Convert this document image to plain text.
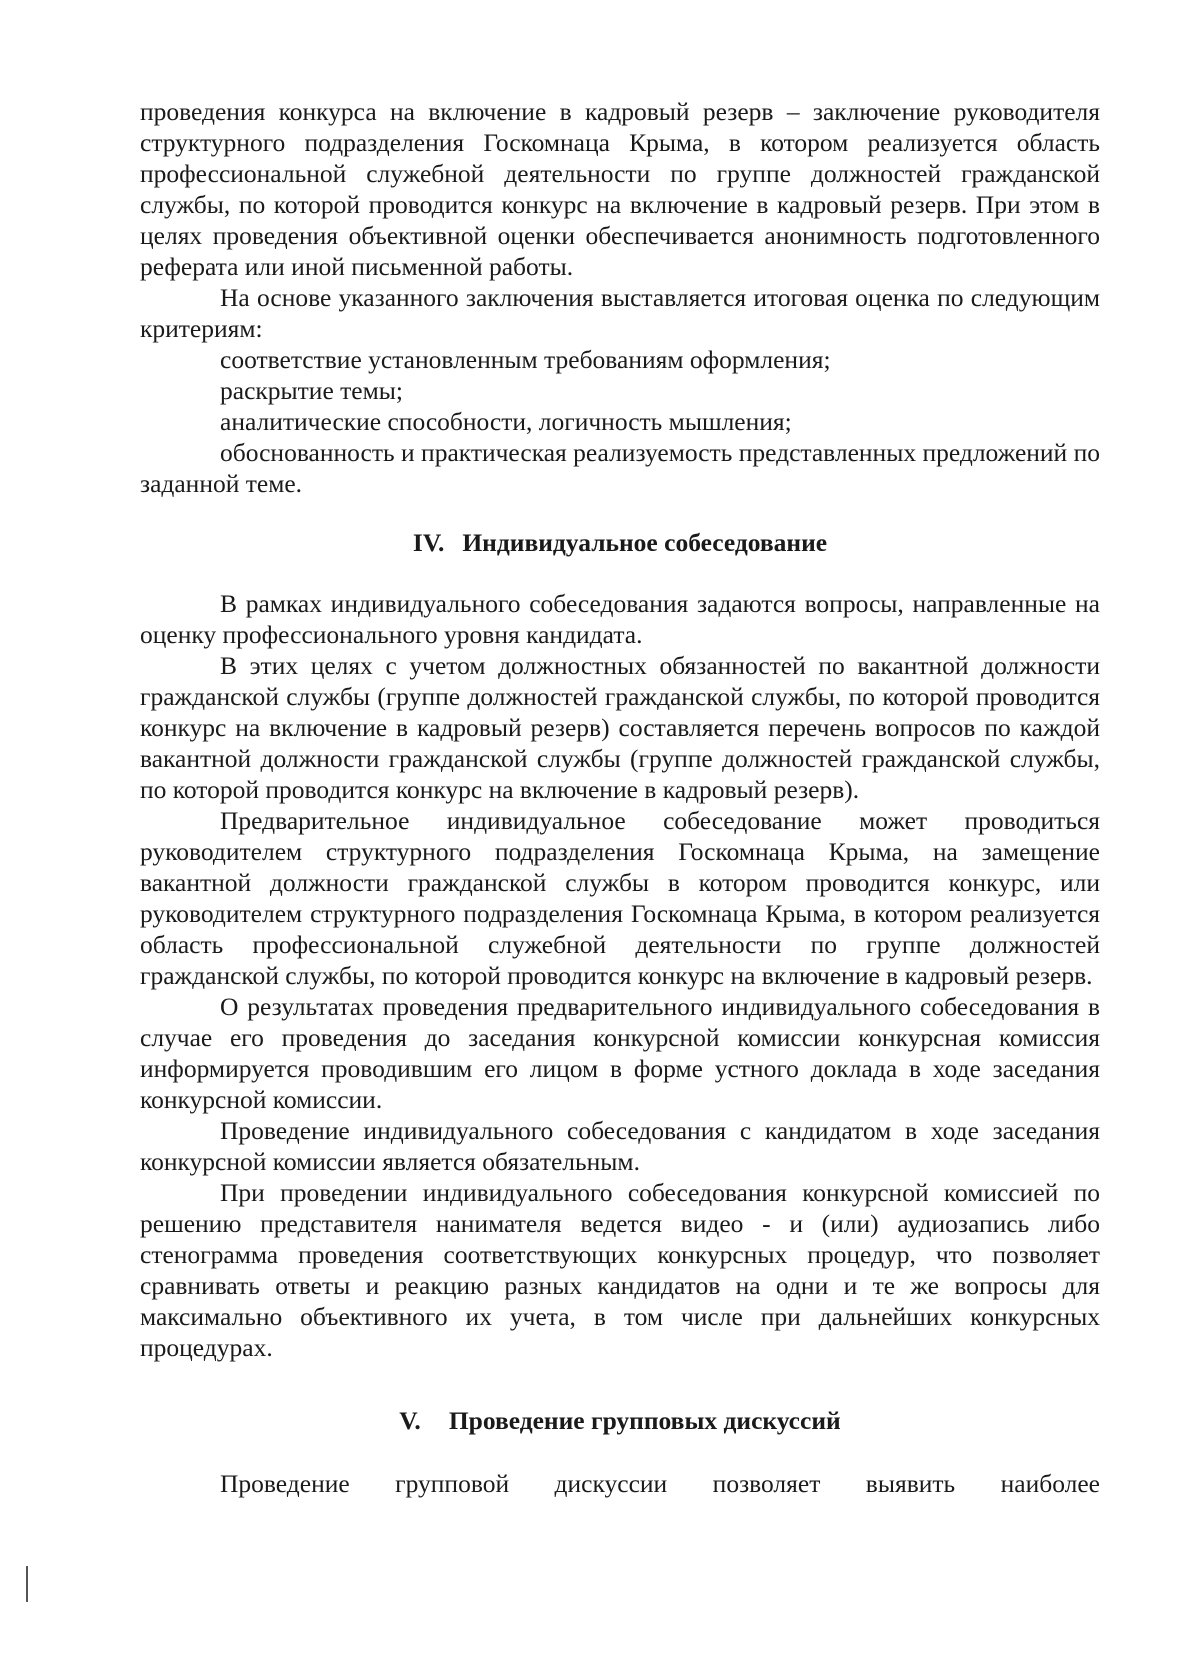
проведения конкурса на включение в кадровый резерв – заключение руководителя структурного подразделения Госкомнаца Крыма, в котором реализуется область профессиональной служебной деятельности по группе должностей гражданской службы, по которой проводится конкурс на включение в кадровый резерв. При этом в целях проведения объективной оценки обеспечивается анонимность подготовленного реферата или иной письменной работы.

На основе указанного заключения выставляется итоговая оценка по следующим критериям:

соответствие установленным требованиям оформления;

раскрытие темы;

аналитические способности, логичность мышления;

обоснованность и практическая реализуемость представленных предложений по заданной теме.

IV. Индивидуальное собеседование

В рамках индивидуального собеседования задаются вопросы, направленные на оценку профессионального уровня кандидата.

В этих целях с учетом должностных обязанностей по вакантной должности гражданской службы (группе должностей гражданской службы, по которой проводится конкурс на включение в кадровый резерв) составляется перечень вопросов по каждой вакантной должности гражданской службы (группе должностей гражданской службы, по которой проводится конкурс на включение в кадровый резерв).

Предварительное индивидуальное собеседование может проводиться руководителем структурного подразделения Госкомнаца Крыма, на замещение вакантной должности гражданской службы в котором проводится конкурс, или руководителем структурного подразделения Госкомнаца Крыма, в котором реализуется область профессиональной служебной деятельности по группе должностей гражданской службы, по которой проводится конкурс на включение в кадровый резерв.

О результатах проведения предварительного индивидуального собеседования в случае его проведения до заседания конкурсной комиссии конкурсная комиссия информируется проводившим его лицом в форме устного доклада в ходе заседания конкурсной комиссии.

Проведение индивидуального собеседования с кандидатом в ходе заседания конкурсной комиссии является обязательным.

При проведении индивидуального собеседования конкурсной комиссией по решению представителя нанимателя ведется видео - и (или) аудиозапись либо стенограмма проведения соответствующих конкурсных процедур, что позволяет сравнивать ответы и реакцию разных кандидатов на одни и те же вопросы для максимально объективного их учета, в том числе при дальнейших конкурсных процедурах.

V. Проведение групповых дискуссий

Проведение групповой дискуссии позволяет выявить наиболее
